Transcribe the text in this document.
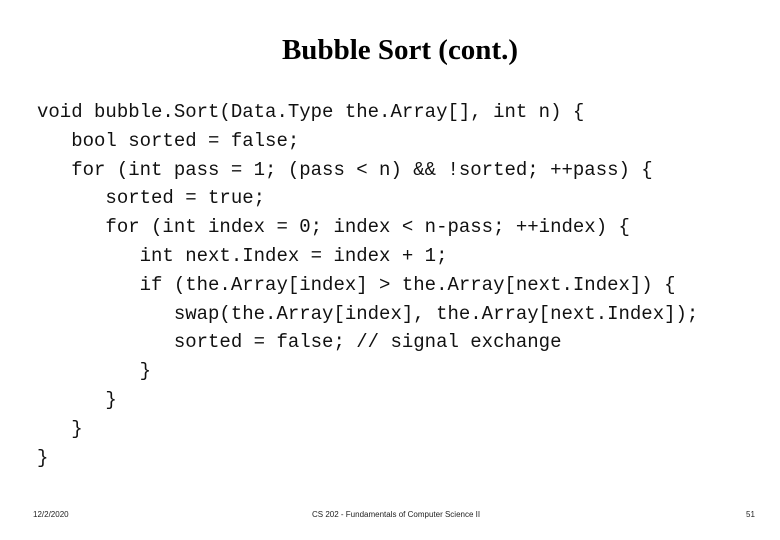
Bubble Sort (cont.)
void bubble.Sort(Data.Type the.Array[], int n) {
bool sorted = false;
for (int pass = 1; (pass < n) && !sorted; ++pass) {
sorted = true;
for (int index = 0; index < n-pass; ++index) {
int next.Index = index + 1;
if (the.Array[index] > the.Array[next.Index]) {
swap(the.Array[index], the.Array[next.Index]);
sorted = false; // signal exchange
}
}
}
}
12/2/2020	CS 202 - Fundamentals of Computer Science II	51
